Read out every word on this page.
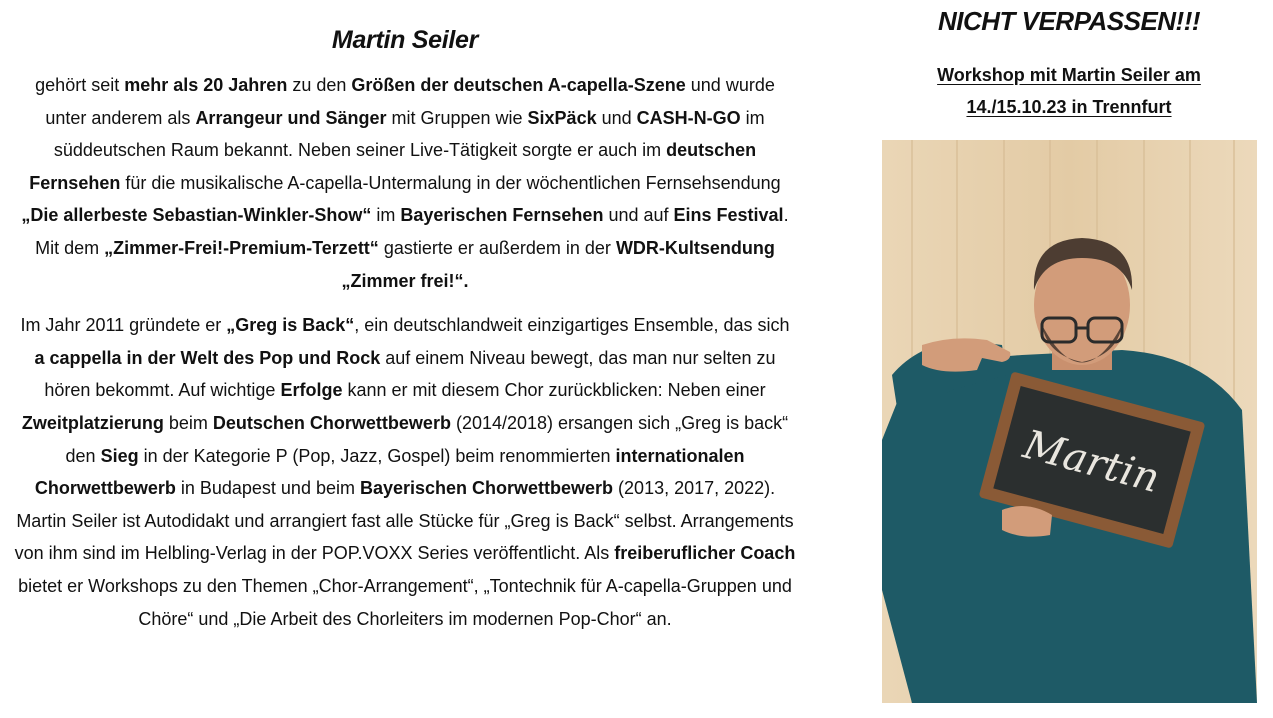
Martin Seiler

gehört seit mehr als 20 Jahren zu den Größen der deutschen A-capella-Szene und wurde unter anderem als Arrangeur und Sänger mit Gruppen wie SixPäck und CASH-N-GO im süddeutschen Raum bekannt. Neben seiner Live-Tätigkeit sorgte er auch im deutschen Fernsehen für die musikalische A-capella-Untermalung in der wöchentlichen Fernsehsendung „Die allerbeste Sebastian-Winkler-Show“ im Bayerischen Fernsehen und auf Eins Festival. Mit dem „Zimmer-Frei!-Premium-Terzett“ gastierte er außerdem in der WDR-Kultsendung „Zimmer frei!“.

Im Jahr 2011 gründete er „Greg is Back“, ein deutschlandweit einzigartiges Ensemble, das sich a cappella in der Welt des Pop und Rock auf einem Niveau bewegt, das man nur selten zu hören bekommt. Auf wichtige Erfolge kann er mit diesem Chor zurückblicken: Neben einer Zweitplatzierung beim Deutschen Chorwettbewerb (2014/2018) ersangen sich „Greg is back“ den Sieg in der Kategorie P (Pop, Jazz, Gospel) beim renommierten internationalen Chorwettbewerb in Budapest und beim Bayerischen Chorwettbewerb (2013, 2017, 2022). Martin Seiler ist Autodidakt und arrangiert fast alle Stücke für „Greg is Back“ selbst. Arrangements von ihm sind im Helbling-Verlag in der POP.VOXX Series veröffentlicht. Als freiberuflicher Coach bietet er Workshops zu den Themen „Chor-Arrangement“, „Tontechnik für A-capella-Gruppen und Chöre“ und „Die Arbeit des Chorleiters im modernen Pop-Chor“ an.

NICHT VERPASSEN!!!

Workshop mit Martin Seiler am
14./15.10.23 in Trennfurt

Martin
